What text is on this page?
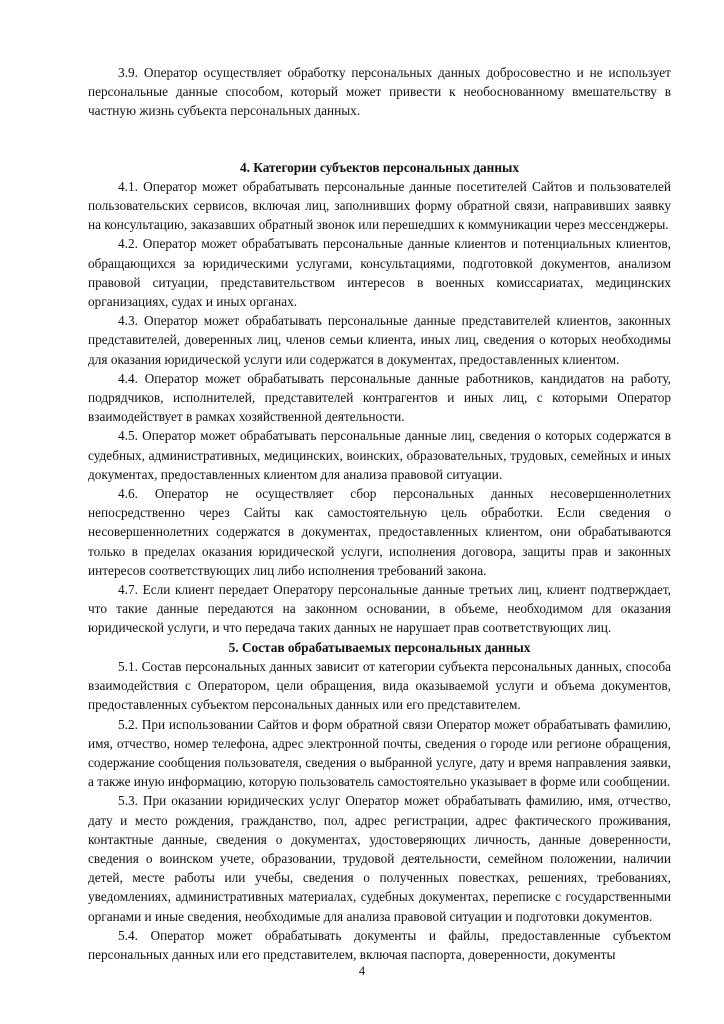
3.9. Оператор осуществляет обработку персональных данных добросовестно и не использует персональные данные способом, который может привести к необоснованному вмешательству в частную жизнь субъекта персональных данных.

4. Категории субъектов персональных данных

4.1. Оператор может обрабатывать персональные данные посетителей Сайтов и пользователей пользовательских сервисов, включая лиц, заполнивших форму обратной связи, направивших заявку на консультацию, заказавших обратный звонок или перешедших к коммуникации через мессенджеры.

4.2. Оператор может обрабатывать персональные данные клиентов и потенциальных клиентов, обращающихся за юридическими услугами, консультациями, подготовкой документов, анализом правовой ситуации, представительством интересов в военных комиссариатах, медицинских организациях, судах и иных органах.

4.3. Оператор может обрабатывать персональные данные представителей клиентов, законных представителей, доверенных лиц, членов семьи клиента, иных лиц, сведения о которых необходимы для оказания юридической услуги или содержатся в документах, предоставленных клиентом.

4.4. Оператор может обрабатывать персональные данные работников, кандидатов на работу, подрядчиков, исполнителей, представителей контрагентов и иных лиц, с которыми Оператор взаимодействует в рамках хозяйственной деятельности.

4.5. Оператор может обрабатывать персональные данные лиц, сведения о которых содержатся в судебных, административных, медицинских, воинских, образовательных, трудовых, семейных и иных документах, предоставленных клиентом для анализа правовой ситуации.

4.6. Оператор не осуществляет сбор персональных данных несовершеннолетних непосредственно через Сайты как самостоятельную цель обработки. Если сведения о несовершеннолетних содержатся в документах, предоставленных клиентом, они обрабатываются только в пределах оказания юридической услуги, исполнения договора, защиты прав и законных интересов соответствующих лиц либо исполнения требований закона.

4.7. Если клиент передает Оператору персональные данные третьих лиц, клиент подтверждает, что такие данные передаются на законном основании, в объеме, необходимом для оказания юридической услуги, и что передача таких данных не нарушает прав соответствующих лиц.

5. Состав обрабатываемых персональных данных

5.1. Состав персональных данных зависит от категории субъекта персональных данных, способа взаимодействия с Оператором, цели обращения, вида оказываемой услуги и объема документов, предоставленных субъектом персональных данных или его представителем.

5.2. При использовании Сайтов и форм обратной связи Оператор может обрабатывать фамилию, имя, отчество, номер телефона, адрес электронной почты, сведения о городе или регионе обращения, содержание сообщения пользователя, сведения о выбранной услуге, дату и время направления заявки, а также иную информацию, которую пользователь самостоятельно указывает в форме или сообщении.

5.3. При оказании юридических услуг Оператор может обрабатывать фамилию, имя, отчество, дату и место рождения, гражданство, пол, адрес регистрации, адрес фактического проживания, контактные данные, сведения о документах, удостоверяющих личность, данные доверенности, сведения о воинском учете, образовании, трудовой деятельности, семейном положении, наличии детей, месте работы или учебы, сведения о полученных повестках, решениях, требованиях, уведомлениях, административных материалах, судебных документах, переписке с государственными органами и иные сведения, необходимые для анализа правовой ситуации и подготовки документов.

5.4. Оператор может обрабатывать документы и файлы, предоставленные субъектом персональных данных или его представителем, включая паспорта, доверенности, документы

4
